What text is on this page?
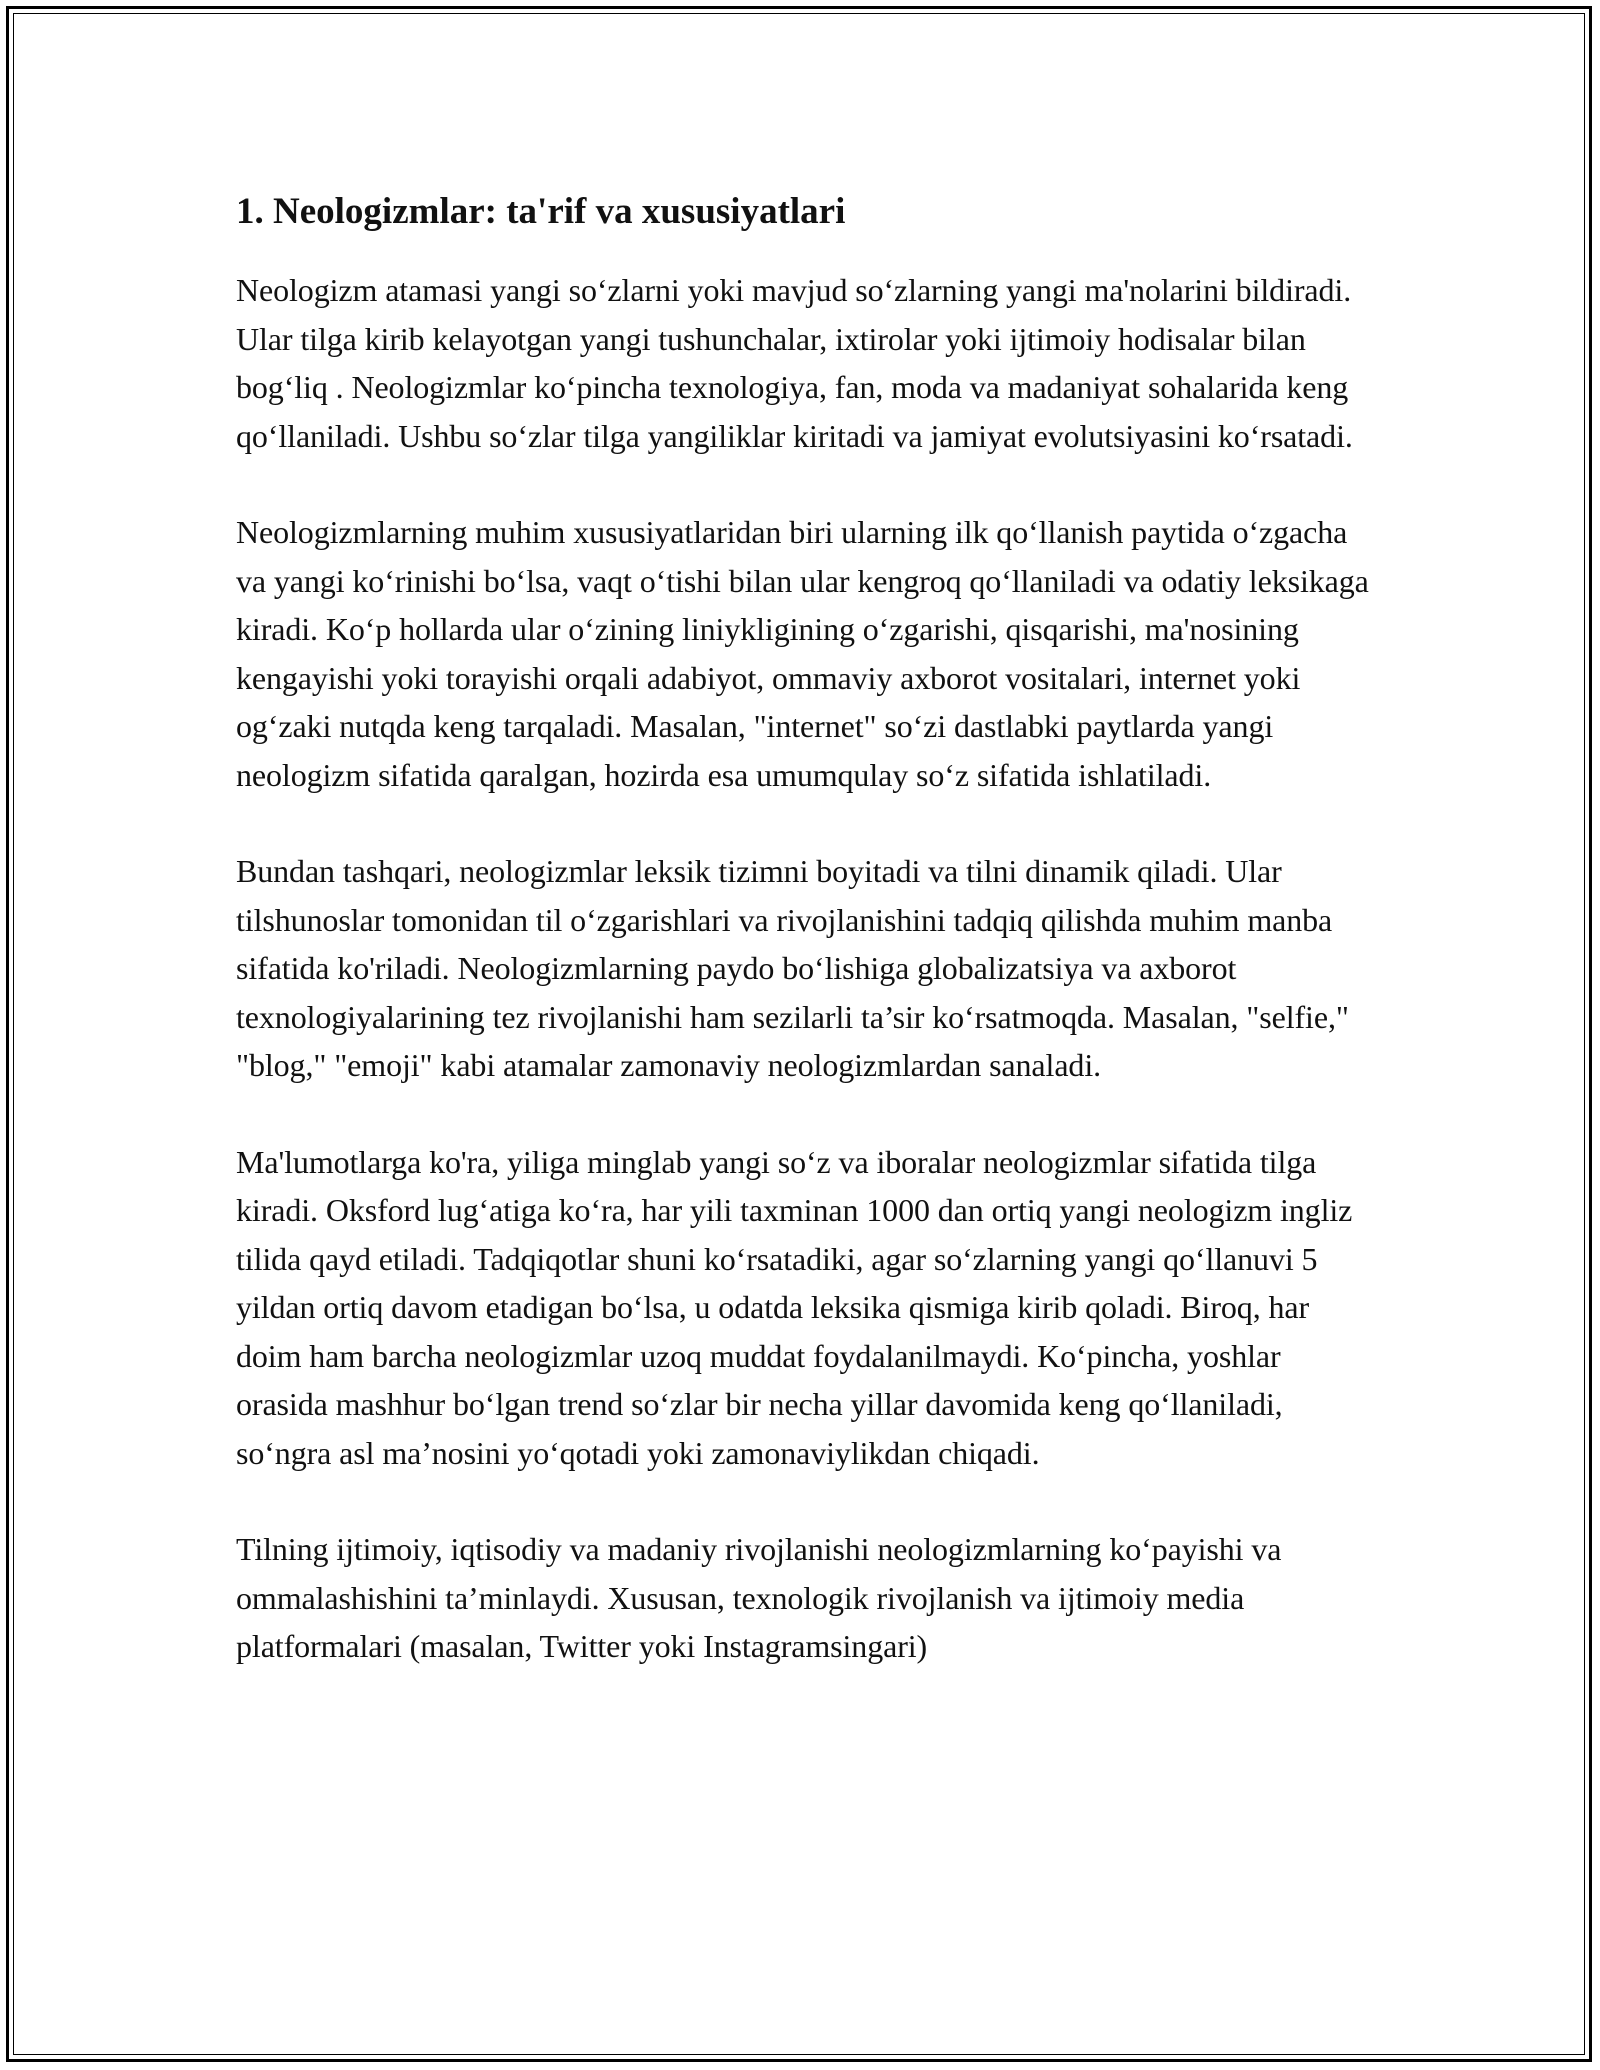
1. Neologizmlar: ta'rif va xususiyatlari

Neologizm atamasi yangi so‘zlarni yoki mavjud so‘zlarning yangi ma'nolarini bildiradi. Ular tilga kirib kelayotgan yangi tushunchalar, ixtirolar yoki ijtimoiy hodisalar bilan bog‘liq . Neologizmlar ko‘pincha texnologiya, fan, moda va madaniyat sohalarida keng qo‘llaniladi. Ushbu so‘zlar tilga yangiliklar kiritadi va jamiyat evolutsiyasini ko‘rsatadi.

Neologizmlarning muhim xususiyatlaridan biri ularning ilk qo‘llanish paytida o‘zgacha va yangi ko‘rinishi bo‘lsa, vaqt o‘tishi bilan ular kengroq qo‘llaniladi va odatiy leksikaga kiradi. Ko‘p hollarda ular o‘zining liniykligining o‘zgarishi, qisqarishi, ma'nosining kengayishi yoki torayishi orqali adabiyot, ommaviy axborot vositalari, internet yoki og‘zaki nutqda keng tarqaladi. Masalan, "internet" so‘zi dastlabki paytlarda yangi neologizm sifatida qaralgan, hozirda esa umumqulay so‘z sifatida ishlatiladi.

Bundan tashqari, neologizmlar leksik tizimni boyitadi va tilni dinamik qiladi. Ular tilshunoslar tomonidan til o‘zgarishlari va rivojlanishini tadqiq qilishda muhim manba sifatida ko'riladi. Neologizmlarning paydo bo‘lishiga globalizatsiya va axborot texnologiyalarining tez rivojlanishi ham sezilarli ta’sir ko‘rsatmoqda. Masalan, "selfie," "blog," "emoji" kabi atamalar zamonaviy neologizmlardan sanaladi.

Ma'lumotlarga ko'ra, yiliga minglab yangi so‘z va iboralar neologizmlar sifatida tilga kiradi. Oksford lug‘atiga ko‘ra, har yili taxminan 1000 dan ortiq yangi neologizm ingliz tilida qayd etiladi. Tadqiqotlar shuni ko‘rsatadiki, agar so‘zlarning yangi qo‘llanuvi 5 yildan ortiq davom etadigan bo‘lsa, u odatda leksika qismiga kirib qoladi. Biroq, har doim ham barcha neologizmlar uzoq muddat foydalanilmaydi. Ko‘pincha, yoshlar orasida mashhur bo‘lgan trend so‘zlar bir necha yillar davomida keng qo‘llaniladi, so‘ngra asl ma’nosini yo‘qotadi yoki zamonaviylikdan chiqadi.

Tilning ijtimoiy, iqtisodiy va madaniy rivojlanishi neologizmlarning ko‘payishi va ommalashishini ta’minlaydi. Xususan, texnologik rivojlanish va ijtimoiy media platformalari (masalan, Twitter yoki Instagramsingari)
